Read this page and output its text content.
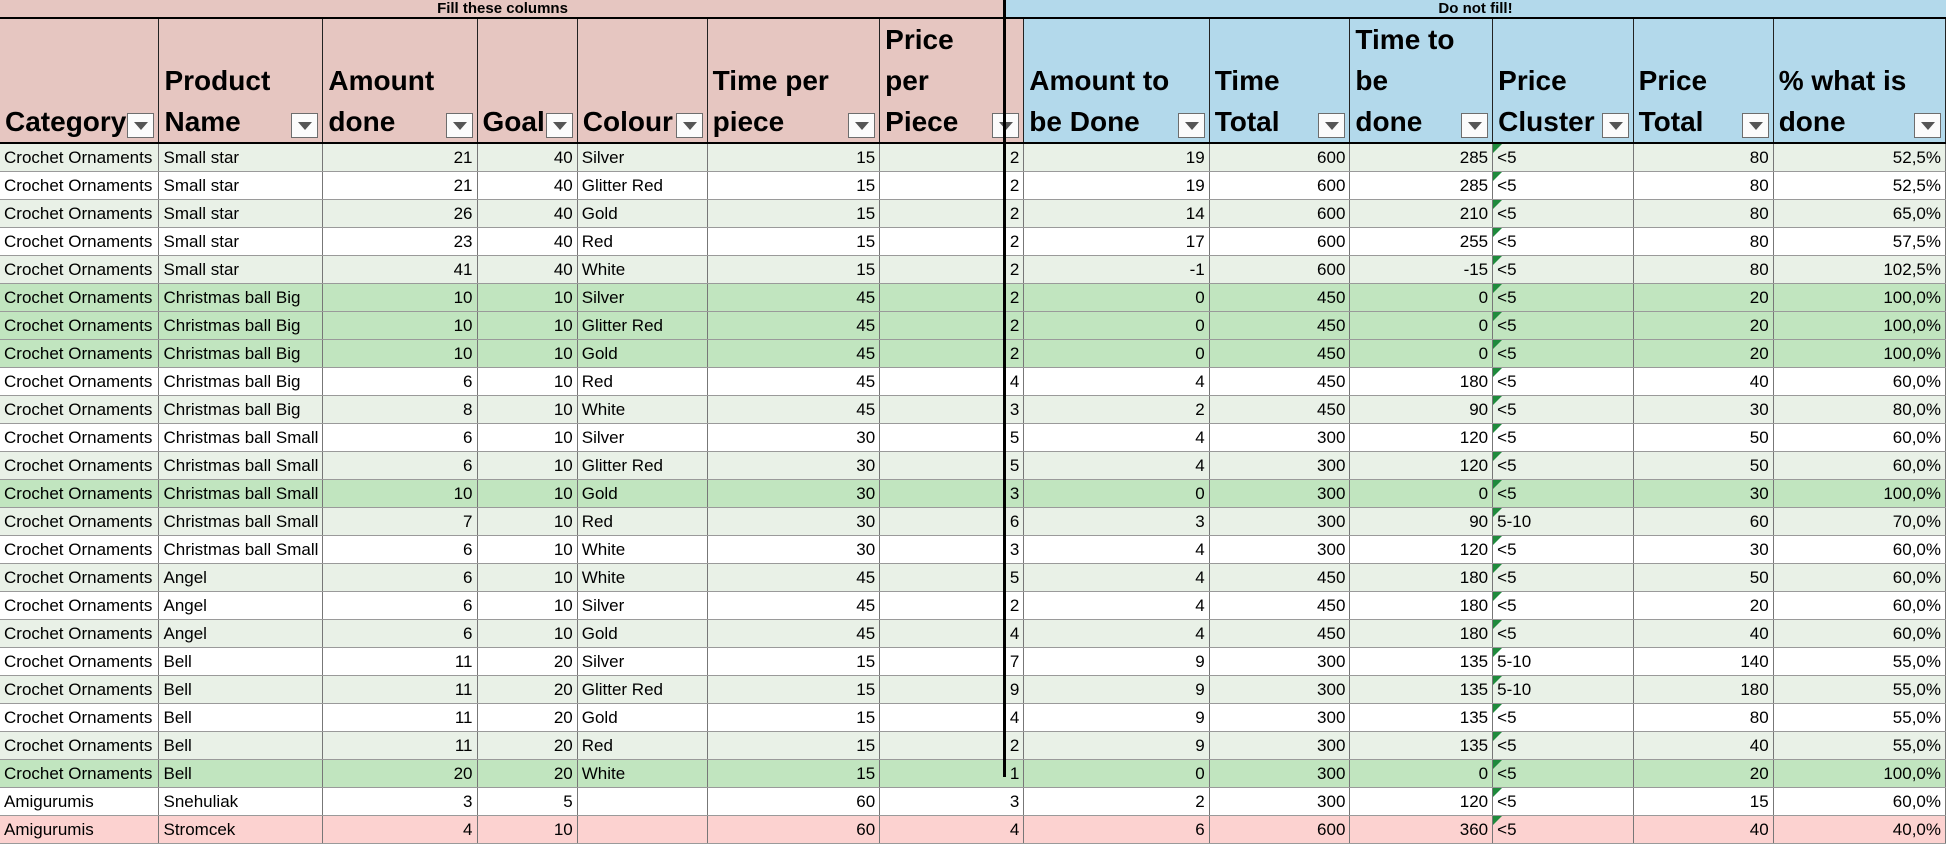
Fill these columns	Do not fill!
Category	Product Name	Amount done	Goal	Colour	Time per piece	Price per Piece	Amount to be Done	Time Total	Time to be done	Price Cluster	Price Total	% what is done

Crochet Ornaments	Small star	21	40	Silver	15	2	19	600	285	<5	80	52,5%
Crochet Ornaments	Small star	21	40	Glitter Red	15	2	19	600	285	<5	80	52,5%
Crochet Ornaments	Small star	26	40	Gold	15	2	14	600	210	<5	80	65,0%
Crochet Ornaments	Small star	23	40	Red	15	2	17	600	255	<5	80	57,5%
Crochet Ornaments	Small star	41	40	White	15	2	-1	600	-15	<5	80	102,5%
Crochet Ornaments	Christmas ball Big	10	10	Silver	45	2	0	450	0	<5	20	100,0%
Crochet Ornaments	Christmas ball Big	10	10	Glitter Red	45	2	0	450	0	<5	20	100,0%
Crochet Ornaments	Christmas ball Big	10	10	Gold	45	2	0	450	0	<5	20	100,0%
Crochet Ornaments	Christmas ball Big	6	10	Red	45	4	4	450	180	<5	40	60,0%
Crochet Ornaments	Christmas ball Big	8	10	White	45	3	2	450	90	<5	30	80,0%
Crochet Ornaments	Christmas ball Small	6	10	Silver	30	5	4	300	120	<5	50	60,0%
Crochet Ornaments	Christmas ball Small	6	10	Glitter Red	30	5	4	300	120	<5	50	60,0%
Crochet Ornaments	Christmas ball Small	10	10	Gold	30	3	0	300	0	<5	30	100,0%
Crochet Ornaments	Christmas ball Small	7	10	Red	30	6	3	300	90	5-10	60	70,0%
Crochet Ornaments	Christmas ball Small	6	10	White	30	3	4	300	120	<5	30	60,0%
Crochet Ornaments	Angel	6	10	White	45	5	4	450	180	<5	50	60,0%
Crochet Ornaments	Angel	6	10	Silver	45	2	4	450	180	<5	20	60,0%
Crochet Ornaments	Angel	6	10	Gold	45	4	4	450	180	<5	40	60,0%
Crochet Ornaments	Bell	11	20	Silver	15	7	9	300	135	5-10	140	55,0%
Crochet Ornaments	Bell	11	20	Glitter Red	15	9	9	300	135	5-10	180	55,0%
Crochet Ornaments	Bell	11	20	Gold	15	4	9	300	135	<5	80	55,0%
Crochet Ornaments	Bell	11	20	Red	15	2	9	300	135	<5	40	55,0%
Crochet Ornaments	Bell	20	20	White	15	1	0	300	0	<5	20	100,0%
Amigurumis	Snehuliak	3	5		60	3	2	300	120	<5	15	60,0%
Amigurumis	Stromcek	4	10		60	4	6	600	360	<5	40	40,0%
